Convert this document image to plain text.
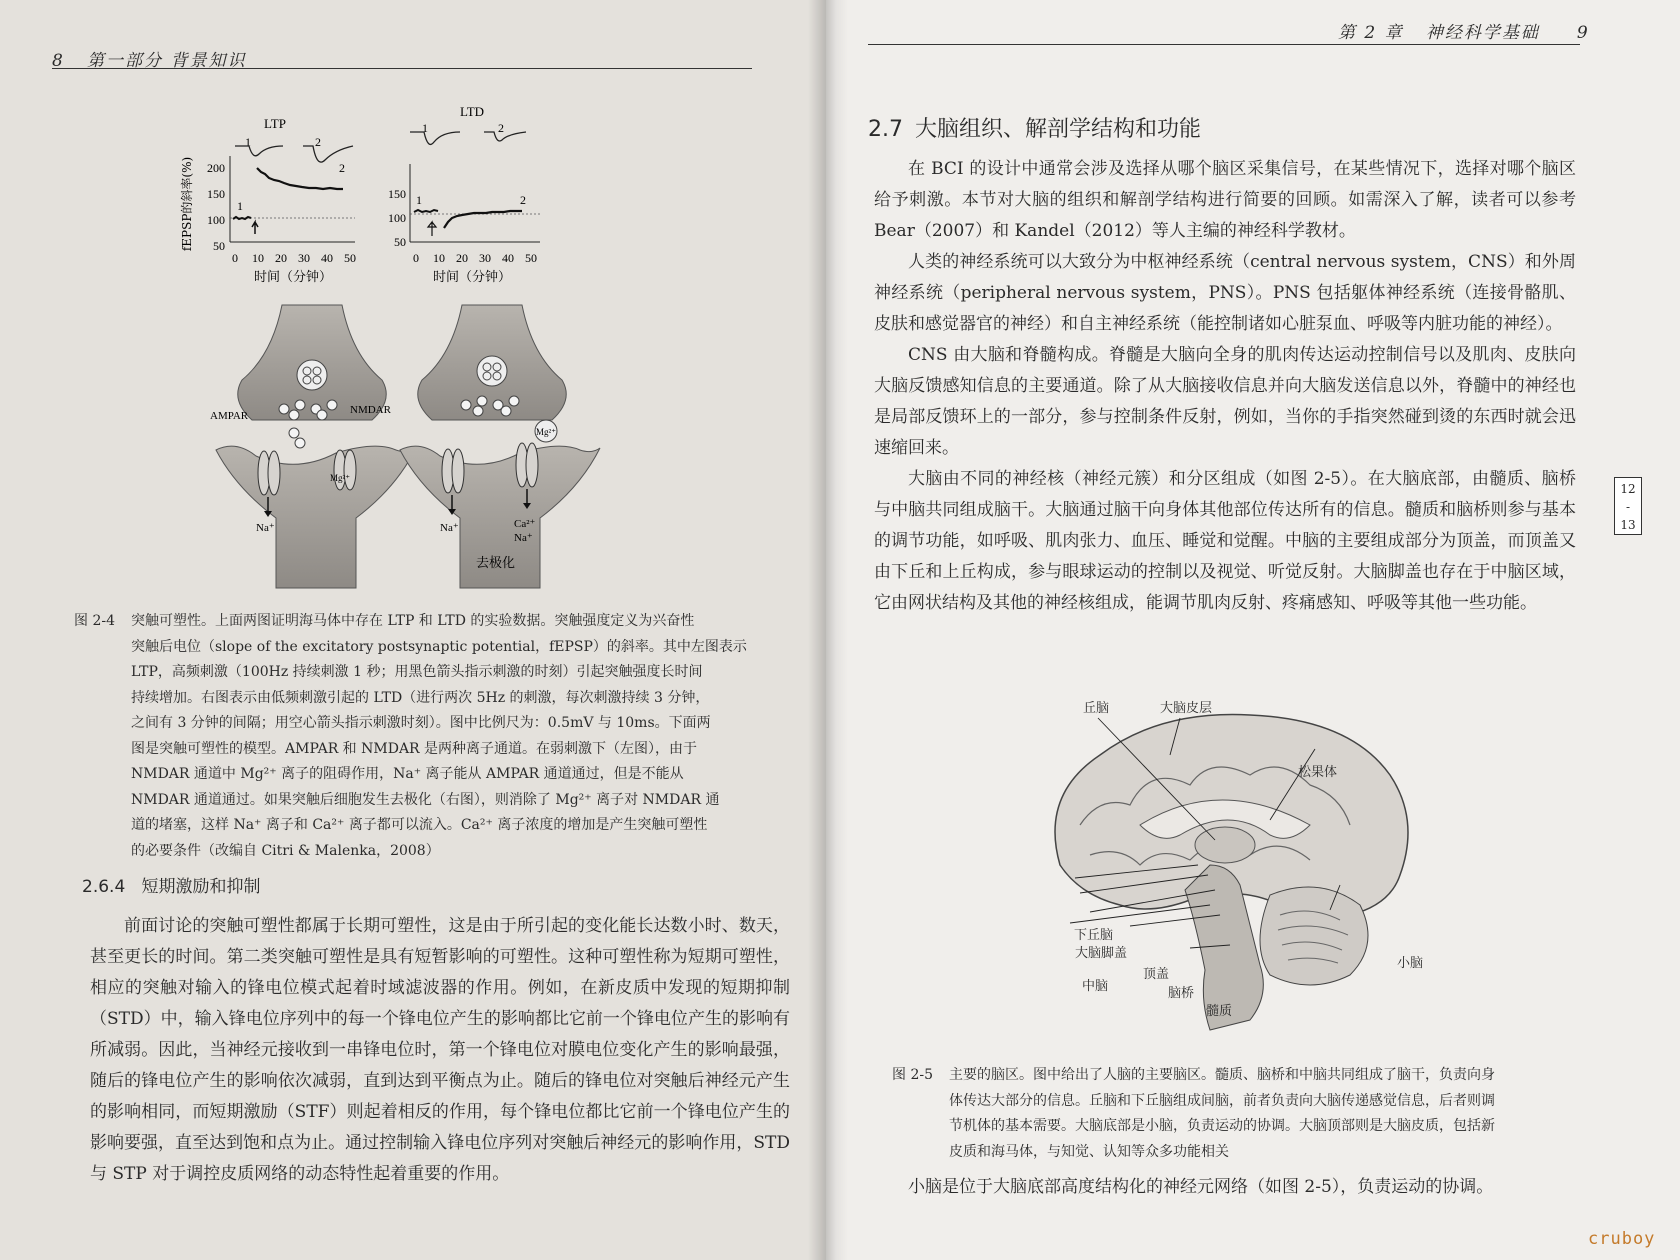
8 第一部分 背景知识
LTP
1	2
200
150
100
50
0 10 20 30 40 50
时间（分钟）
1
2
fEPSP的斜率(%)
LTD
1	2
150
100
50
0 10 20 30 40 50
时间（分钟）
1	2
AMPAR	NMDAR
Mg²⁺
Na⁺
Mg²⁺
Na⁺	Ca²⁺
Na⁺
去极化
图 2-4 突触可塑性。上面两图证明海马体中存在 LTP 和 LTD 的实验数据。突触强度定义为兴奋性
突触后电位（slope of the excitatory postsynaptic potential，fEPSP）的斜率。其中左图表示
LTP，高频刺激（100Hz 持续刺激 1 秒；用黑色箭头指示刺激的时刻）引起突触强度长时间
持续增加。右图表示由低频刺激引起的 LTD（进行两次 5Hz 的刺激，每次刺激持续 3 分钟，
之间有 3 分钟的间隔；用空心箭头指示刺激时刻）。图中比例尺为：0.5mV 与 10ms。下面两
图是突触可塑性的模型。AMPAR 和 NMDAR 是两种离子通道。在弱刺激下（左图），由于
NMDAR 通道中 Mg²⁺ 离子的阻碍作用，Na⁺ 离子能从 AMPAR 通道通过，但是不能从
NMDAR 通道通过。如果突触后细胞发生去极化（右图），则消除了 Mg²⁺ 离子对 NMDAR 通
道的堵塞，这样 Na⁺ 离子和 Ca²⁺ 离子都可以流入。Ca²⁺ 离子浓度的增加是产生突触可塑性
的必要条件（改编自 Citri & Malenka，2008）
2.6.4 短期激励和抑制

前面讨论的突触可塑性都属于长期可塑性，这是由于所引起的变化能长达数小时、数天，甚至更长的时间。第二类突触可塑性是具有短暂影响的可塑性。这种可塑性称为短期可塑性，相应的突触对输入的锋电位模式起着时域滤波器的作用。例如，在新皮质中发现的短期抑制（STD）中，输入锋电位序列中的每一个锋电位产生的影响都比它前一个锋电位产生的影响有所减弱。因此，当神经元接收到一串锋电位时，第一个锋电位对膜电位变化产生的影响最强，随后的锋电位产生的影响依次减弱，直到达到平衡点为止。随后的锋电位对突触后神经元产生的影响相同，而短期激励（STF）则起着相反的作用，每个锋电位都比它前一个锋电位产生的影响要强，直至达到饱和点为止。通过控制输入锋电位序列对突触后神经元的影响作用，STD 与 STP 对于调控皮质网络的动态特性起着重要的作用。

第 2 章 神经科学基础 9
2.7 大脑组织、解剖学结构和功能

在 BCI 的设计中通常会涉及选择从哪个脑区采集信号，在某些情况下，选择对哪个脑区给予刺激。本节对大脑的组织和解剖学结构进行简要的回顾。如需深入了解，读者可以参考 Bear（2007）和 Kandel（2012）等人主编的神经科学教材。

人类的神经系统可以大致分为中枢神经系统（central nervous system，CNS）和外周神经系统（peripheral nervous system，PNS）。PNS 包括躯体神经系统（连接骨骼肌、皮肤和感觉器官的神经）和自主神经系统（能控制诸如心脏泵血、呼吸等内脏功能的神经）。

CNS 由大脑和脊髓构成。脊髓是大脑向全身的肌肉传达运动控制信号以及肌肉、皮肤向大脑反馈感知信息的主要通道。除了从大脑接收信息并向大脑发送信息以外，脊髓中的神经也是局部反馈环上的一部分，参与控制条件反射，例如，当你的手指突然碰到烫的东西时就会迅速缩回来。

大脑由不同的神经核（神经元簇）和分区组成（如图 2-5）。在大脑底部，由髓质、脑桥与中脑共同组成脑干。大脑通过脑干向身体其他部位传达所有的信息。髓质和脑桥则参与基本的调节功能，如呼吸、肌肉张力、血压、睡觉和觉醒。中脑的主要组成部分为顶盖，而顶盖又由下丘和上丘构成，参与眼球运动的控制以及视觉、听觉反射。大脑脚盖也存在于中脑区域，它由网状结构及其他的神经核组成，能调节肌肉反射、疼痛感知、呼吸等其他一些功能。

12
-
13
丘脑	大脑皮层
松果体
下丘脑
大脑脚盖
顶盖
中脑	脑桥
髓质
小脑
图 2-5 主要的脑区。图中给出了人脑的主要脑区。髓质、脑桥和中脑共同组成了脑干，负责向身
体传达大部分的信息。丘脑和下丘脑组成间脑，前者负责向大脑传递感觉信息，后者则调
节机体的基本需要。大脑底部是小脑，负责运动的协调。大脑顶部则是大脑皮质，包括新
皮质和海马体，与知觉、认知等众多功能相关

小脑是位于大脑底部高度结构化的神经元网络（如图 2-5），负责运动的协调。

cruboy
